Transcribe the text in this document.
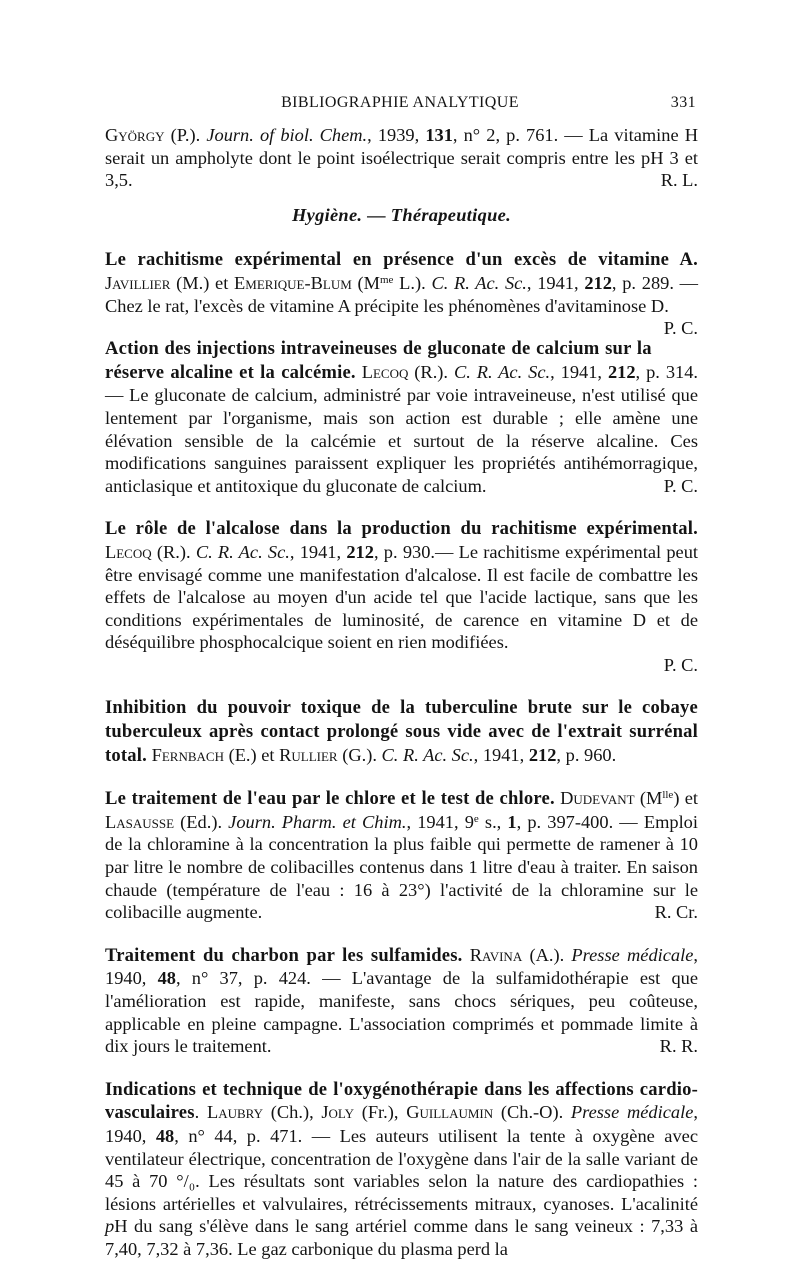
BIBLIOGRAPHIE ANALYTIQUE	331

György (P.). Journ. of biol. Chem., 1939, 131, n° 2, p. 761. — La vitamine H serait un ampholyte dont le point isoélectrique serait compris entre les pH 3 et 3,5.	R. L.

Hygiène. — Thérapeutique.

Le rachitisme expérimental en présence d'un excès de vitamine A. Javillier (M.) et Emerique-Blum ($M^{me}$ L.). C. R. Ac. Sc., 1941, 212, p. 289. — Chez le rat, l'excès de vitamine A précipite les phénomènes d'avitaminose D.
P. C.

Action des injections intraveineuses de gluconate de calcium sur la réserve alcaline et la calcémie. Lecoq (R.). C. R. Ac. Sc., 1941, 212, p. 314. — Le gluconate de calcium, administré par voie intraveineuse, n'est utilisé que lentement par l'organisme, mais son action est durable ; elle amène une élévation sensible de la calcémie et surtout de la réserve alcaline. Ces modifications sanguines paraissent expliquer les propriétés antihémorragique, anticlasique et antitoxique du gluconate de calcium.	P. C.

Le rôle de l'alcalose dans la production du rachitisme expérimental. Lecoq (R.). C. R. Ac. Sc., 1941, 212, p. 930.— Le rachitisme expérimental peut être envisagé comme une manifestation d'alcalose. Il est facile de combattre les effets de l'alcalose au moyen d'un acide tel que l'acide lactique, sans que les conditions expérimentales de luminosité, de carence en vitamine D et de déséquilibre phosphocalcique soient en rien modifiées.

P. C.

Inhibition du pouvoir toxique de la tuberculine brute sur le cobaye tuberculeux après contact prolongé sous vide avec de l'extrait surrénal total. Fernbach (E.) et Rullier (G.). C. R. Ac. Sc., 1941, 212, p. 960.

Le traitement de l'eau par le chlore et le test de chlore. Dudevant $(M^{lle})$ et Lasausse (Ed.). Journ. Pharm. et Chim., 1941, 9e s., 1, p. 397-400. — Emploi de la chloramine à la concentration la plus faible qui permette de ramener à 10 par litre le nombre de colibacilles contenus dans 1 litre d'eau à traiter. En saison chaude (température de l'eau : 16 à 23°) l'activité de la chloramine sur le colibacille augmente.	R. Cr.

Traitement du charbon par les sulfamides. Ravina (A.). Presse médicale, 1940, 48, n° 37, p. 424. — L'avantage de la sulfamidothérapie est que l'amélioration est rapide, manifeste, sans chocs sériques, peu coûteuse, applicable en pleine campagne. L'association comprimés et pommade limite à dix jours le traitement.	R. R.

Indications et technique de l'oxygénothérapie dans les affections cardio-vasculaires. Laubry (Ch.), Joly (Fr.), Guillaumin (Ch.-O). Presse médicale, 1940, 48, n° 44, p. 471. — Les auteurs utilisent la tente à oxygène avec ventilateur électrique, concentration de l'oxygène dans l'air de la salle variant de 45 à 70 °/₀. Les résultats sont variables selon la nature des cardiopathies : lésions artérielles et valvulaires, rétrécissements mitraux, cyanoses. L'acalinité pH du sang s'élève dans le sang artériel comme dans le sang veineux : 7,33 à 7,40, 7,32 à 7,36. Le gaz carbonique du plasma perd la
